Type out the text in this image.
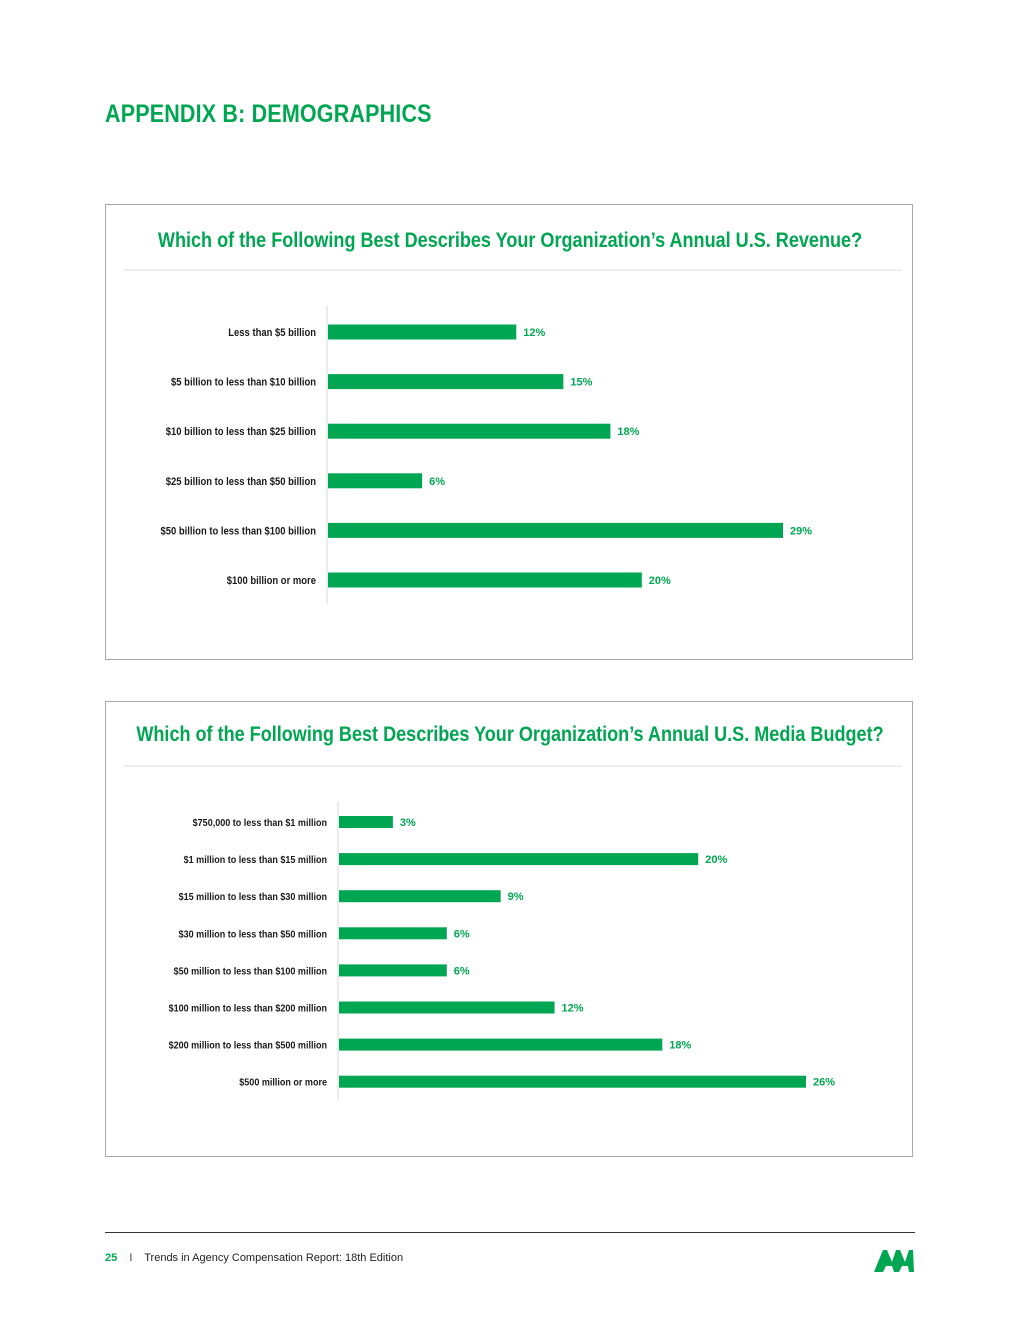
APPENDIX B: DEMOGRAPHICS
Which of the Following Best Describes Your Organization’s Annual U.S. Revenue?
Less than $5 billion	12%
$5 billion to less than $10 billion	15%
$10 billion to less than $25 billion	18%
$25 billion to less than $50 billion	6%
$50 billion to less than $100 billion	29%
$100 billion or more	20%
Which of the Following Best Describes Your Organization’s Annual U.S. Media Budget?
$750,000 to less than $1 million	3%
$1 million to less than $15 million	20%
$15 million to less than $30 million	9%
$30 million to less than $50 million	6%
$50 million to less than $100 million	6%
$100 million to less than $200 million	12%
$200 million to less than $500 million	18%
$500 million or more	26%
25 I Trends in Agency Compensation Report: 18th Edition
